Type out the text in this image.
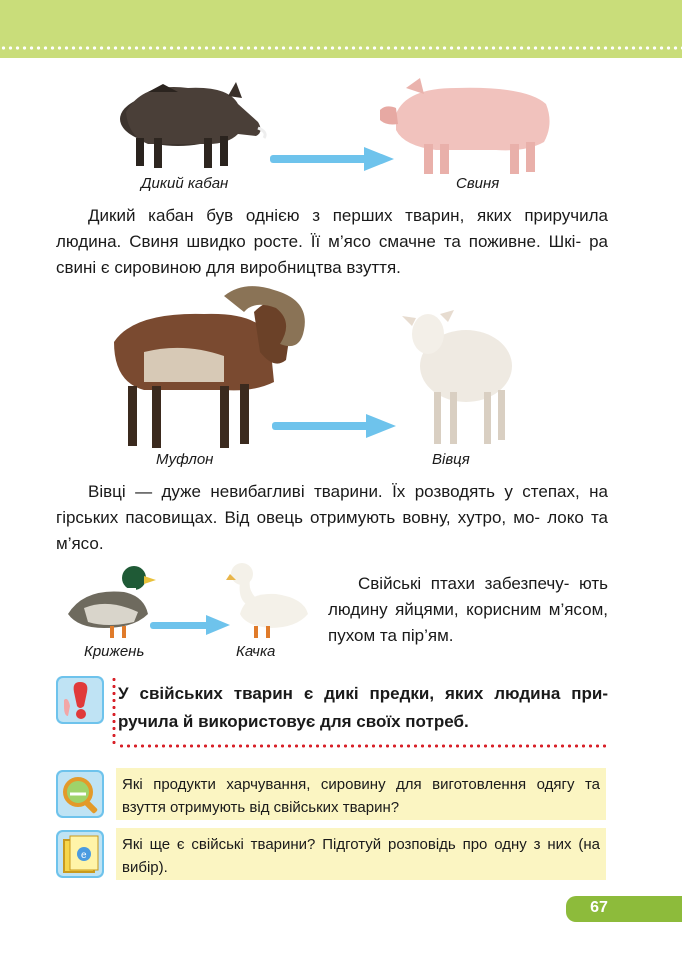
Дикий кабан	Свиня

Дикий кабан був однією з перших тварин, яких приручила людина. Свиня швидко росте. Її м’ясо смачне та поживне. Шкі- ра свині є сировиною для виробництва взуття.

Муфлон	Вівця

Вівці — дуже невибагливі тварини. Їх розводять у степах, на гірських пасовищах. Від овець отримують вовну, хутро, мо- локо та м’ясо.

Крижень	Качка

Свійські птахи забезпечу- ють людину яйцями, корисним м’ясом, пухом та пір’ям.

У свійських тварин є дикі предки, яких людина при- ручила й використовує для своїх потреб.
Які продукти харчування, сировину для виготовлення одягу та взуття отримують від свійських тварин?
e
Які ще є свійські тварини? Підготуй розповідь про одну з них (на вибір).
67
